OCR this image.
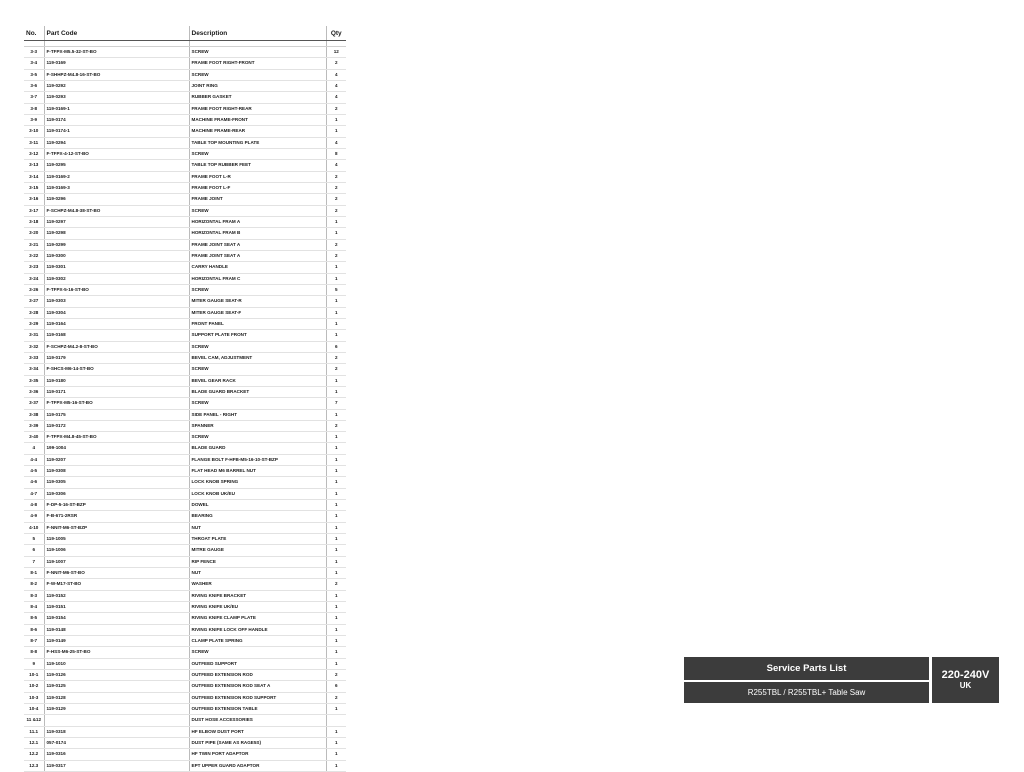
No.	Part Code	Description	Qty

3-3	F-TFPX-M5.5-32-ST-BO	SCREW	12
3-4	119-0169	FRAME FOOT RIGHT-FRONT	2
3-5	F-SHHPZ-M4.8-16-ST-BO	SCREW	4
3-6	119-0292	JOINT RING	4
3-7	119-0293	RUBBER GASKET	4
3-8	119-0169-1	FRAME FOOT RIGHT-REAR	2
3-9	119-0174	MACHINE FRAME-FRONT	1
3-10	119-0174-1	MACHINE FRAME-REAR	1
3-11	119-0294	TABLE TOP MOUNTING PLATE	4
3-12	F-TFPX-4-12-ST-BO	SCREW	8
3-13	119-0295	TABLE TOP RUBBER FEET	4
3-14	119-0169-2	FRAME FOOT L-R	2
3-15	119-0169-3	FRAME FOOT L-F	2
3-16	119-0296	FRAME JOINT	2
3-17	F-SCHPZ-M4.8-38-ST-BO	SCREW	2
3-18	119-0297	HORIZONTAL FRAM A	1
3-20	119-0298	HORIZONTAL FRAM B	1
3-21	119-0299	FRAME JOINT SEAT A	2
3-22	119-0300	FRAME JOINT SEAT A	2
3-23	119-0301	CARRY HANDLE	1
3-24	119-0302	HORIZONTAL FRAM C	1
3-26	F-TFPX-5-16-ST-BO	SCREW	5
3-27	119-0303	MITER GAUGE SEAT-R	1
3-28	119-0304	MITER GAUGE SEAT-F	1
3-29	119-0164	FRONT PANEL	1
3-31	119-0168	SUPPORT PLATE FRONT	1
3-32	F-SCHPZ-M4.2-8-ST-BO	SCREW	6
3-33	119-0179	BEVEL CAM, ADJUSTMENT	2
3-34	F-SHCS-M6-14-ST-BO	SCREW	2
3-35	119-0180	BEVEL GEAR RACK	1
3-36	119-0171	BLADE GUARD BRACKET	1
3-37	F-TFPX-M5-16-ST-BO	SCREW	7
3-38	119-0175	SIDE PANEL - RIGHT	1
3-39	119-0172	SPANNER	2
3-40	F-TFPX-M4.8-45-ST-BO	SCREW	1
4	199-1004	BLADE GUARD	1
4-4	119-0207	FLANGE BOLT F-HFB-M5-16-10-ST-BZP	1
4-5	119-0308	FLAT HEAD M6 BARREL NUT	1
4-6	119-0305	LOCK KNOB SPRING	1
4-7	119-0306	LOCK KNOB UK/EU	1
4-8	F-DP-5-16-ST-BZP	DOWEL	1
4-9	F-B-671-2RSR	BEARING	1
4-10	F-NNIT-M6-ST-BZP	NUT	1
5	119-1005	THROAT PLATE	1
6	119-1006	MITRE GAUGE	1
7	119-1007	RIP FENCE	1
8-1	F-NNIT-M6-ST-BO	NUT	1
8-2	F-W-M17-ST-BO	WASHER	2
8-3	119-0152	RIVING KNIFE BRACKET	1
8-4	119-0151	RIVING KNIFE UK/EU	1
8-5	119-0154	RIVING KNIFE CLAMP PLATE	1
8-6	119-0148	RIVING KNIFE LOCK OFF HANDLE	1
8-7	119-0149	CLAMP PLATE SPRING	1
8-8	F-HSS-M6-25-ST-BO	SCREW	1
9	119-1010	OUTFEED SUPPORT	1
10-1	119-0126	OUTFEED EXTENSION ROD	2
10-2	119-0125	OUTFEED EXTENSION ROD SEAT A	6
10-3	119-0128	OUTFEED EXTENSION ROD SUPPORT	2
10-4	119-0129	OUTFEED EXTENSION TABLE	1
11 &12		DUST HOSE ACCESSORIES	
11.1	119-0318	HF ELBOW DUST PORT	1
12.1	057-0174	DUST PIPE (SAME AS RAGE5S)	1
12.2	119-0316	HF TWIN PORT ADAPTOR	1
12.3	119-0317	EPT UPPER GUARD ADAPTOR	1
Service Parts List
R255TBL / R255TBL+ Table Saw
220-240V
UK
